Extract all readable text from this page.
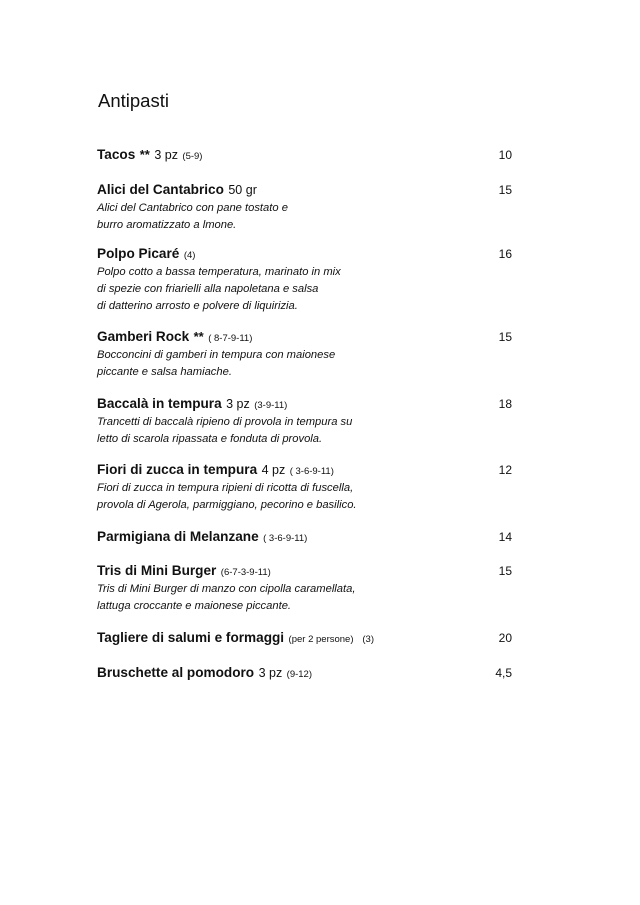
Antipasti
Tacos ** 3 pz (5-9)	10
Alici del Cantabrico 50 gr	15
Alici del Cantabrico con pane tostato e
burro aromatizzato a lmone.
Polpo Picaré (4)	16
Polpo cotto a bassa temperatura, marinato in mix
di spezie con friarielli alla napoletana e salsa
di datterino arrosto e polvere di liquirizia.
Gamberi Rock ** ( 8-7-9-11)	15
Bocconcini di gamberi in tempura con maionese
piccante e salsa hamiache.
Baccalà in tempura 3 pz (3-9-11)	18
Trancetti di baccalà ripieno di provola in tempura su
letto di scarola ripassata e fonduta di provola.
Fiori di zucca in tempura 4 pz ( 3-6-9-11)	12
Fiori di zucca in tempura ripieni di ricotta di fuscella,
provola di Agerola, parmiggiano, pecorino e basilico.
Parmigiana di Melanzane ( 3-6-9-11)	14
Tris di Mini Burger (6-7-3-9-11)	15
Tris di Mini Burger di manzo con cipolla caramellata,
lattuga croccante e maionese piccante.
Tagliere di salumi e formaggi (per 2 persone) (3)	20
Bruschette al pomodoro 3 pz (9-12)	4,5
